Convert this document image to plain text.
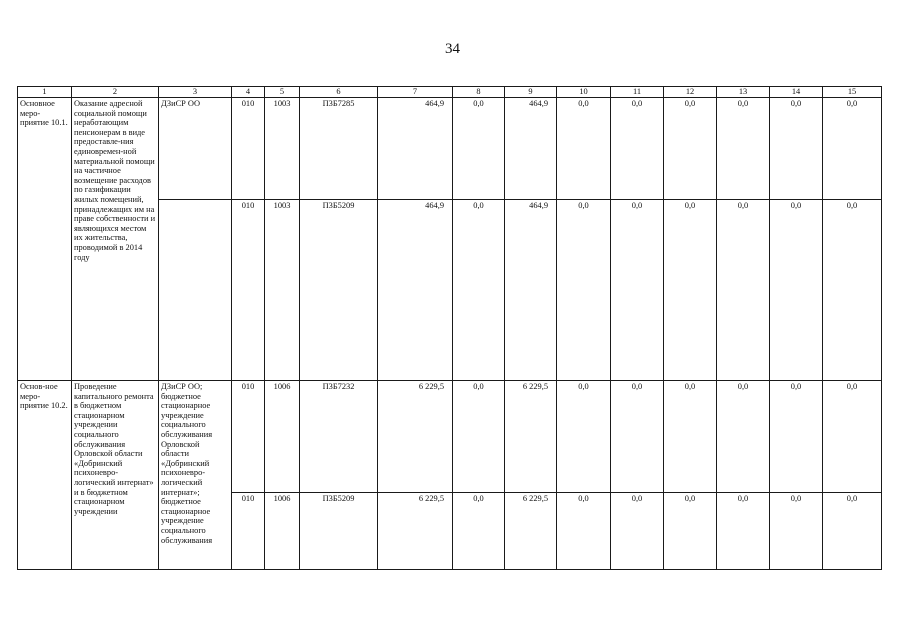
34
1	2	3	4	5	6	7	8	9	10	11	12	13	14	15
Основное меро-приятие 10.1.	Оказание адресной социальной помощи неработающим пенсионерам в виде предоставле-ния единовремен-ной материальной помощи на частичное возмещение расходов по газификации жилых помещений, принадлежащих им на праве собственности и являющихся местом их жительства, проводимой в 2014 году	ДЗиСР ОО	010	1003	П3Б7285	464,9	0,0	464,9	0,0	0,0	0,0	0,0	0,0	0,0
			010	1003	П3Б5209	464,9	0,0	464,9	0,0	0,0	0,0	0,0	0,0	0,0
Основ-ное меро-приятие 10.2.	Проведение капитального ремонта в бюджетном стационарном учреждении социального обслуживания Орловской области «Добринский психоневро-логический интернат» и в бюджетном стационарном учреждении	ДЗиСР ОО; бюджетное стационарное учреждение социального обслуживания Орловской области «Добринский психоневро-логический интернат»; бюджетное стационарное учреждение социального обслуживания	010	1006	П3Б7232	6 229,5	0,0	6 229,5	0,0	0,0	0,0	0,0	0,0	0,0
			010	1006	П3Б5209	6 229,5	0,0	6 229,5	0,0	0,0	0,0	0,0	0,0	0,0
